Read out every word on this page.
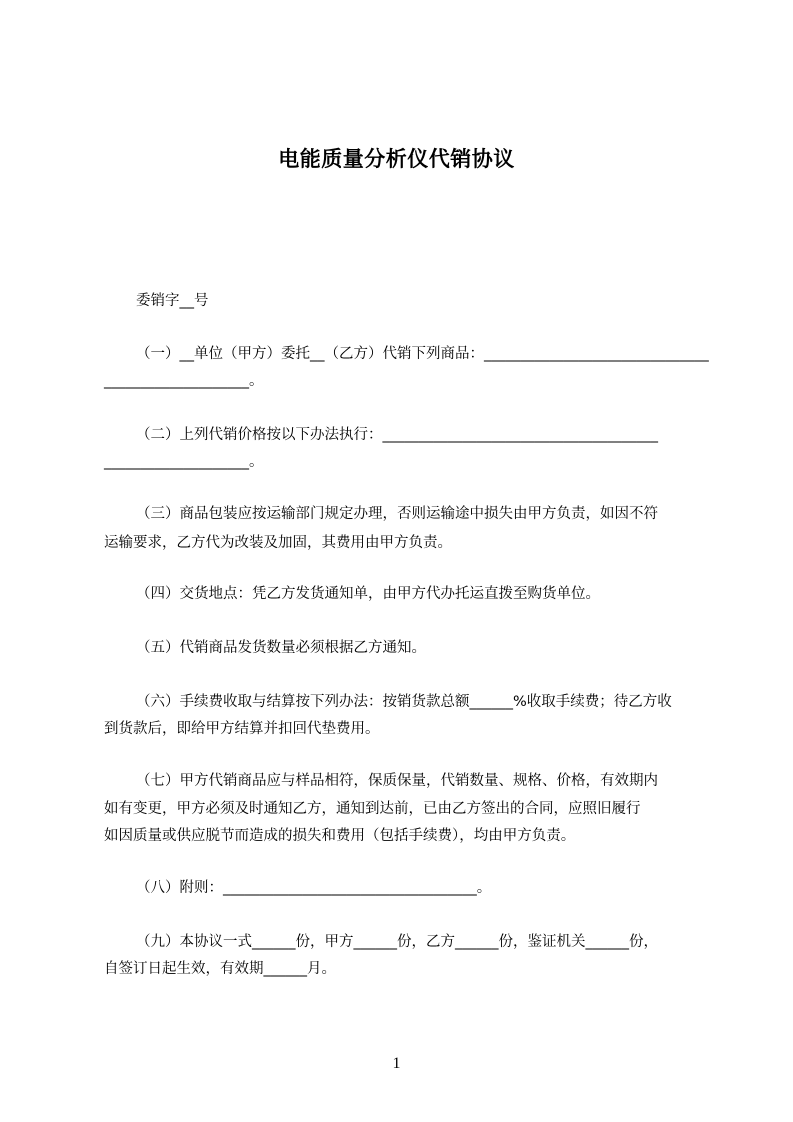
电能质量分析仪代销协议
委销字__号
（一）__单位（甲方）委托__（乙方）代销下列商品：_______________________________
____________________。
（二）上列代销价格按以下办法执行：______________________________________
____________________。
（三）商品包装应按运输部门规定办理，否则运输途中损失由甲方负责，如因不符
运输要求，乙方代为改装及加固，其费用由甲方负责。
（四）交货地点：凭乙方发货通知单，由甲方代办托运直拨至购货单位。
（五）代销商品发货数量必须根据乙方通知。
（六）手续费收取与结算按下列办法：按销货款总额______%收取手续费；待乙方收
到货款后，即给甲方结算并扣回代垫费用。
（七）甲方代销商品应与样品相符，保质保量，代销数量、规格、价格，有效期内
如有变更，甲方必须及时通知乙方，通知到达前，已由乙方签出的合同，应照旧履行
如因质量或供应脱节而造成的损失和费用（包括手续费），均由甲方负责。
（八）附则：___________________________________。
（九）本协议一式______份，甲方______份，乙方______份，鉴证机关______份，
自签订日起生效，有效期______月。
1
